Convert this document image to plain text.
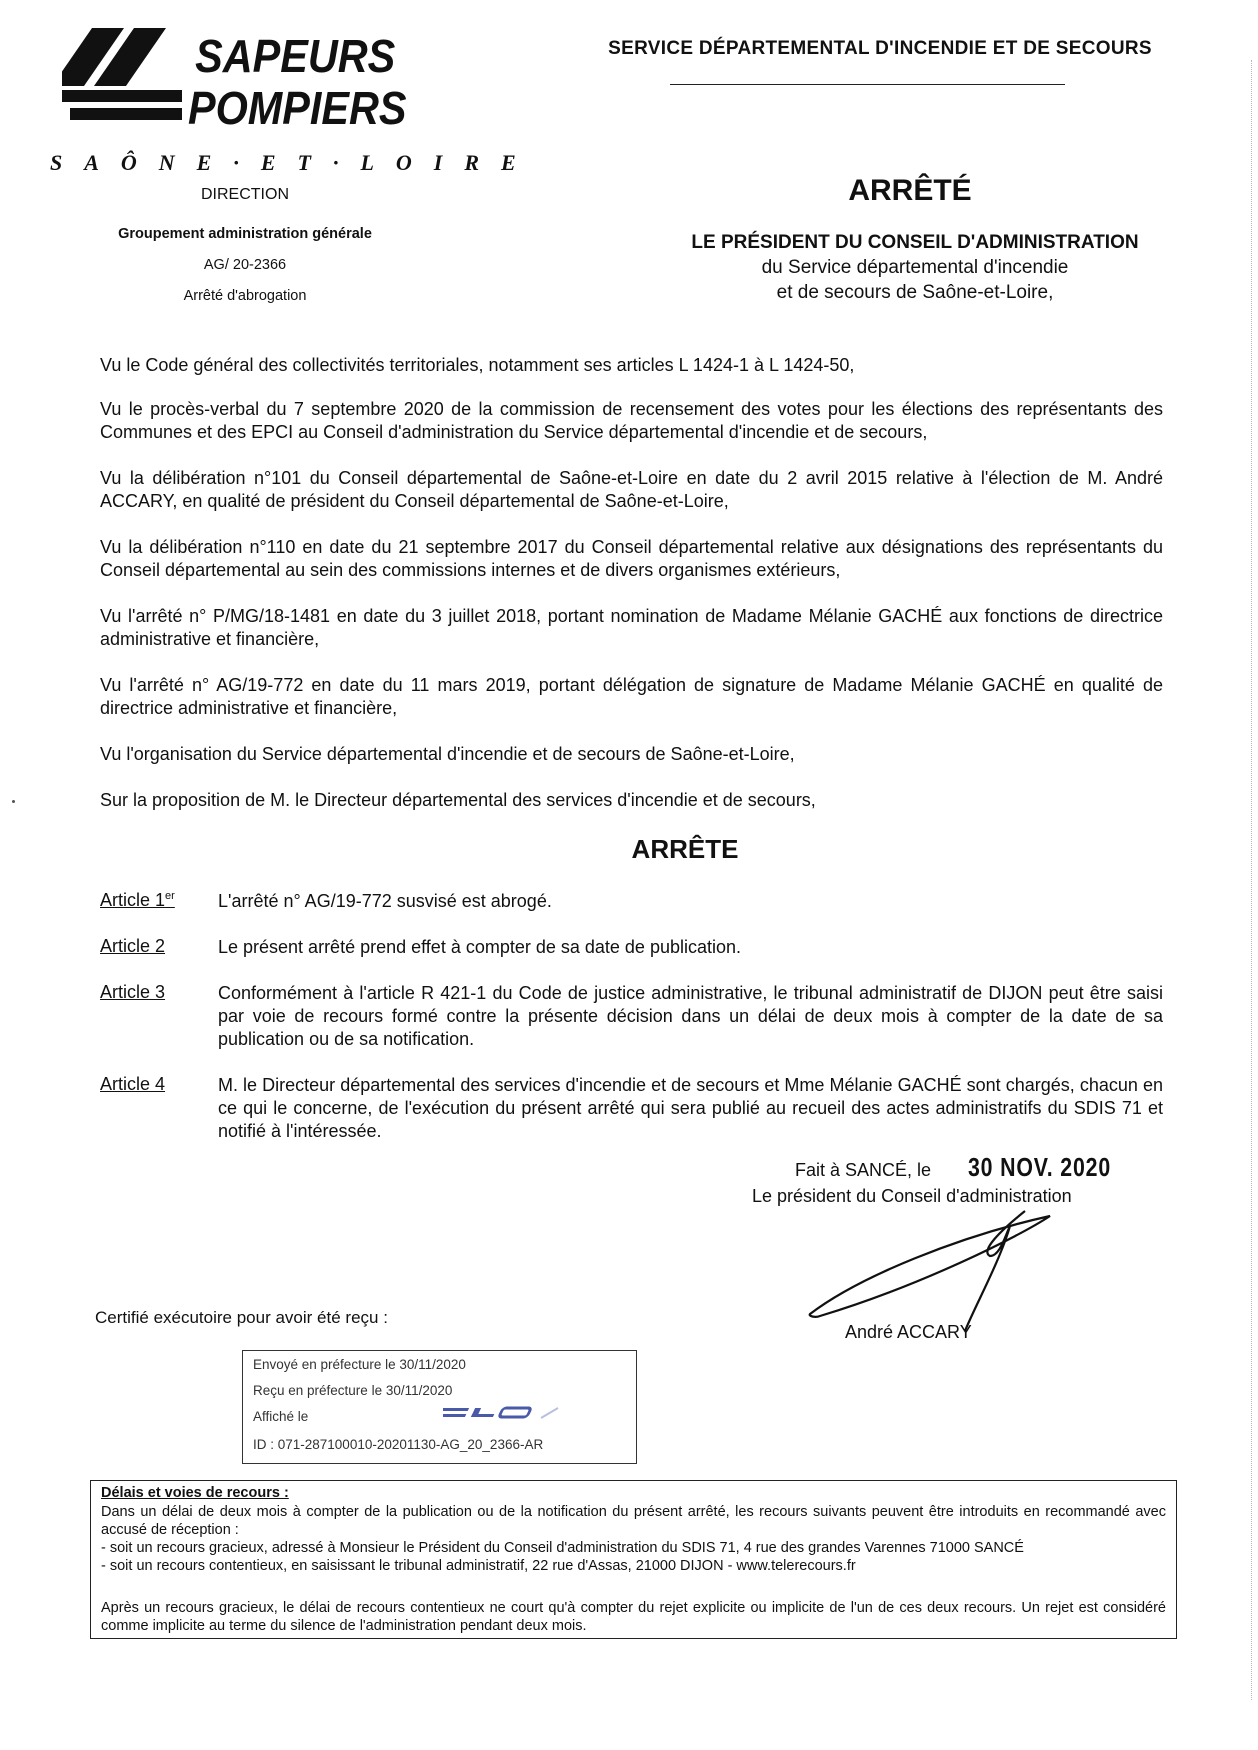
SAPEURS
POMPIERS
SAÔNE·ET·LOIRE
SERVICE DÉPARTEMENTAL D'INCENDIE ET DE SECOURS
DIRECTION
Groupement administration générale
AG/ 20-2366
Arrêté d'abrogation
ARRÊTÉ
LE PRÉSIDENT DU CONSEIL D'ADMINISTRATION
du Service départemental d'incendie
et de secours de Saône-et-Loire,
Vu le Code général des collectivités territoriales, notamment ses articles L 1424-1 à L 1424-50,
Vu le procès-verbal du 7 septembre 2020 de la commission de recensement des votes pour les élections des représentants des Communes et des EPCI au Conseil d'administration du Service départemental d'incendie et de secours,
Vu la délibération n°101 du Conseil départemental de Saône-et-Loire en date du 2 avril 2015 relative à l'élection de M. André ACCARY, en qualité de président du Conseil départemental de Saône-et-Loire,
Vu la délibération n°110 en date du 21 septembre 2017 du Conseil départemental relative aux désignations des représentants du Conseil départemental au sein des commissions internes et de divers organismes extérieurs,
Vu l'arrêté n° P/MG/18-1481 en date du 3 juillet 2018, portant nomination de Madame Mélanie GACHÉ aux fonctions de directrice administrative et financière,
Vu l'arrêté n° AG/19-772 en date du 11 mars 2019, portant délégation de signature de Madame Mélanie GACHÉ en qualité de directrice administrative et financière,
Vu l'organisation du Service départemental d'incendie et de secours de Saône-et-Loire,
Sur la proposition de M. le Directeur départemental des services d'incendie et de secours,
ARRÊTE
Article 1er L'arrêté n° AG/19-772 susvisé est abrogé.
Article 2	Le présent arrêté prend effet à compter de sa date de publication.
Article 3	Conformément à l'article R 421-1 du Code de justice administrative, le tribunal administratif de DIJON peut être saisi par voie de recours formé contre la présente décision dans un délai de deux mois à compter de la date de sa publication ou de sa notification.
Article 4	M. le Directeur départemental des services d'incendie et de secours et Mme Mélanie GACHÉ sont chargés, chacun en ce qui le concerne, de l'exécution du présent arrêté qui sera publié au recueil des actes administratifs du SDIS 71 et notifié à l'intéressée.
Fait à SANCÉ, le 30 NOV. 2020
Le président du Conseil d'administration
André ACCARY
Certifié exécutoire pour avoir été reçu :
Envoyé en préfecture le 30/11/2020
Reçu en préfecture le 30/11/2020
Affiché le
ID : 071-287100010-20201130-AG_20_2366-AR
Délais et voies de recours :
Dans un délai de deux mois à compter de la publication ou de la notification du présent arrêté, les recours suivants peuvent être introduits en recommandé avec accusé de réception :
- soit un recours gracieux, adressé à Monsieur le Président du Conseil d'administration du SDIS 71, 4 rue des grandes Varennes 71000 SANCÉ
- soit un recours contentieux, en saisissant le tribunal administratif, 22 rue d'Assas, 21000 DIJON - www.telerecours.fr
Après un recours gracieux, le délai de recours contentieux ne court qu'à compter du rejet explicite ou implicite de l'un de ces deux recours. Un rejet est considéré comme implicite au terme du silence de l'administration pendant deux mois.
